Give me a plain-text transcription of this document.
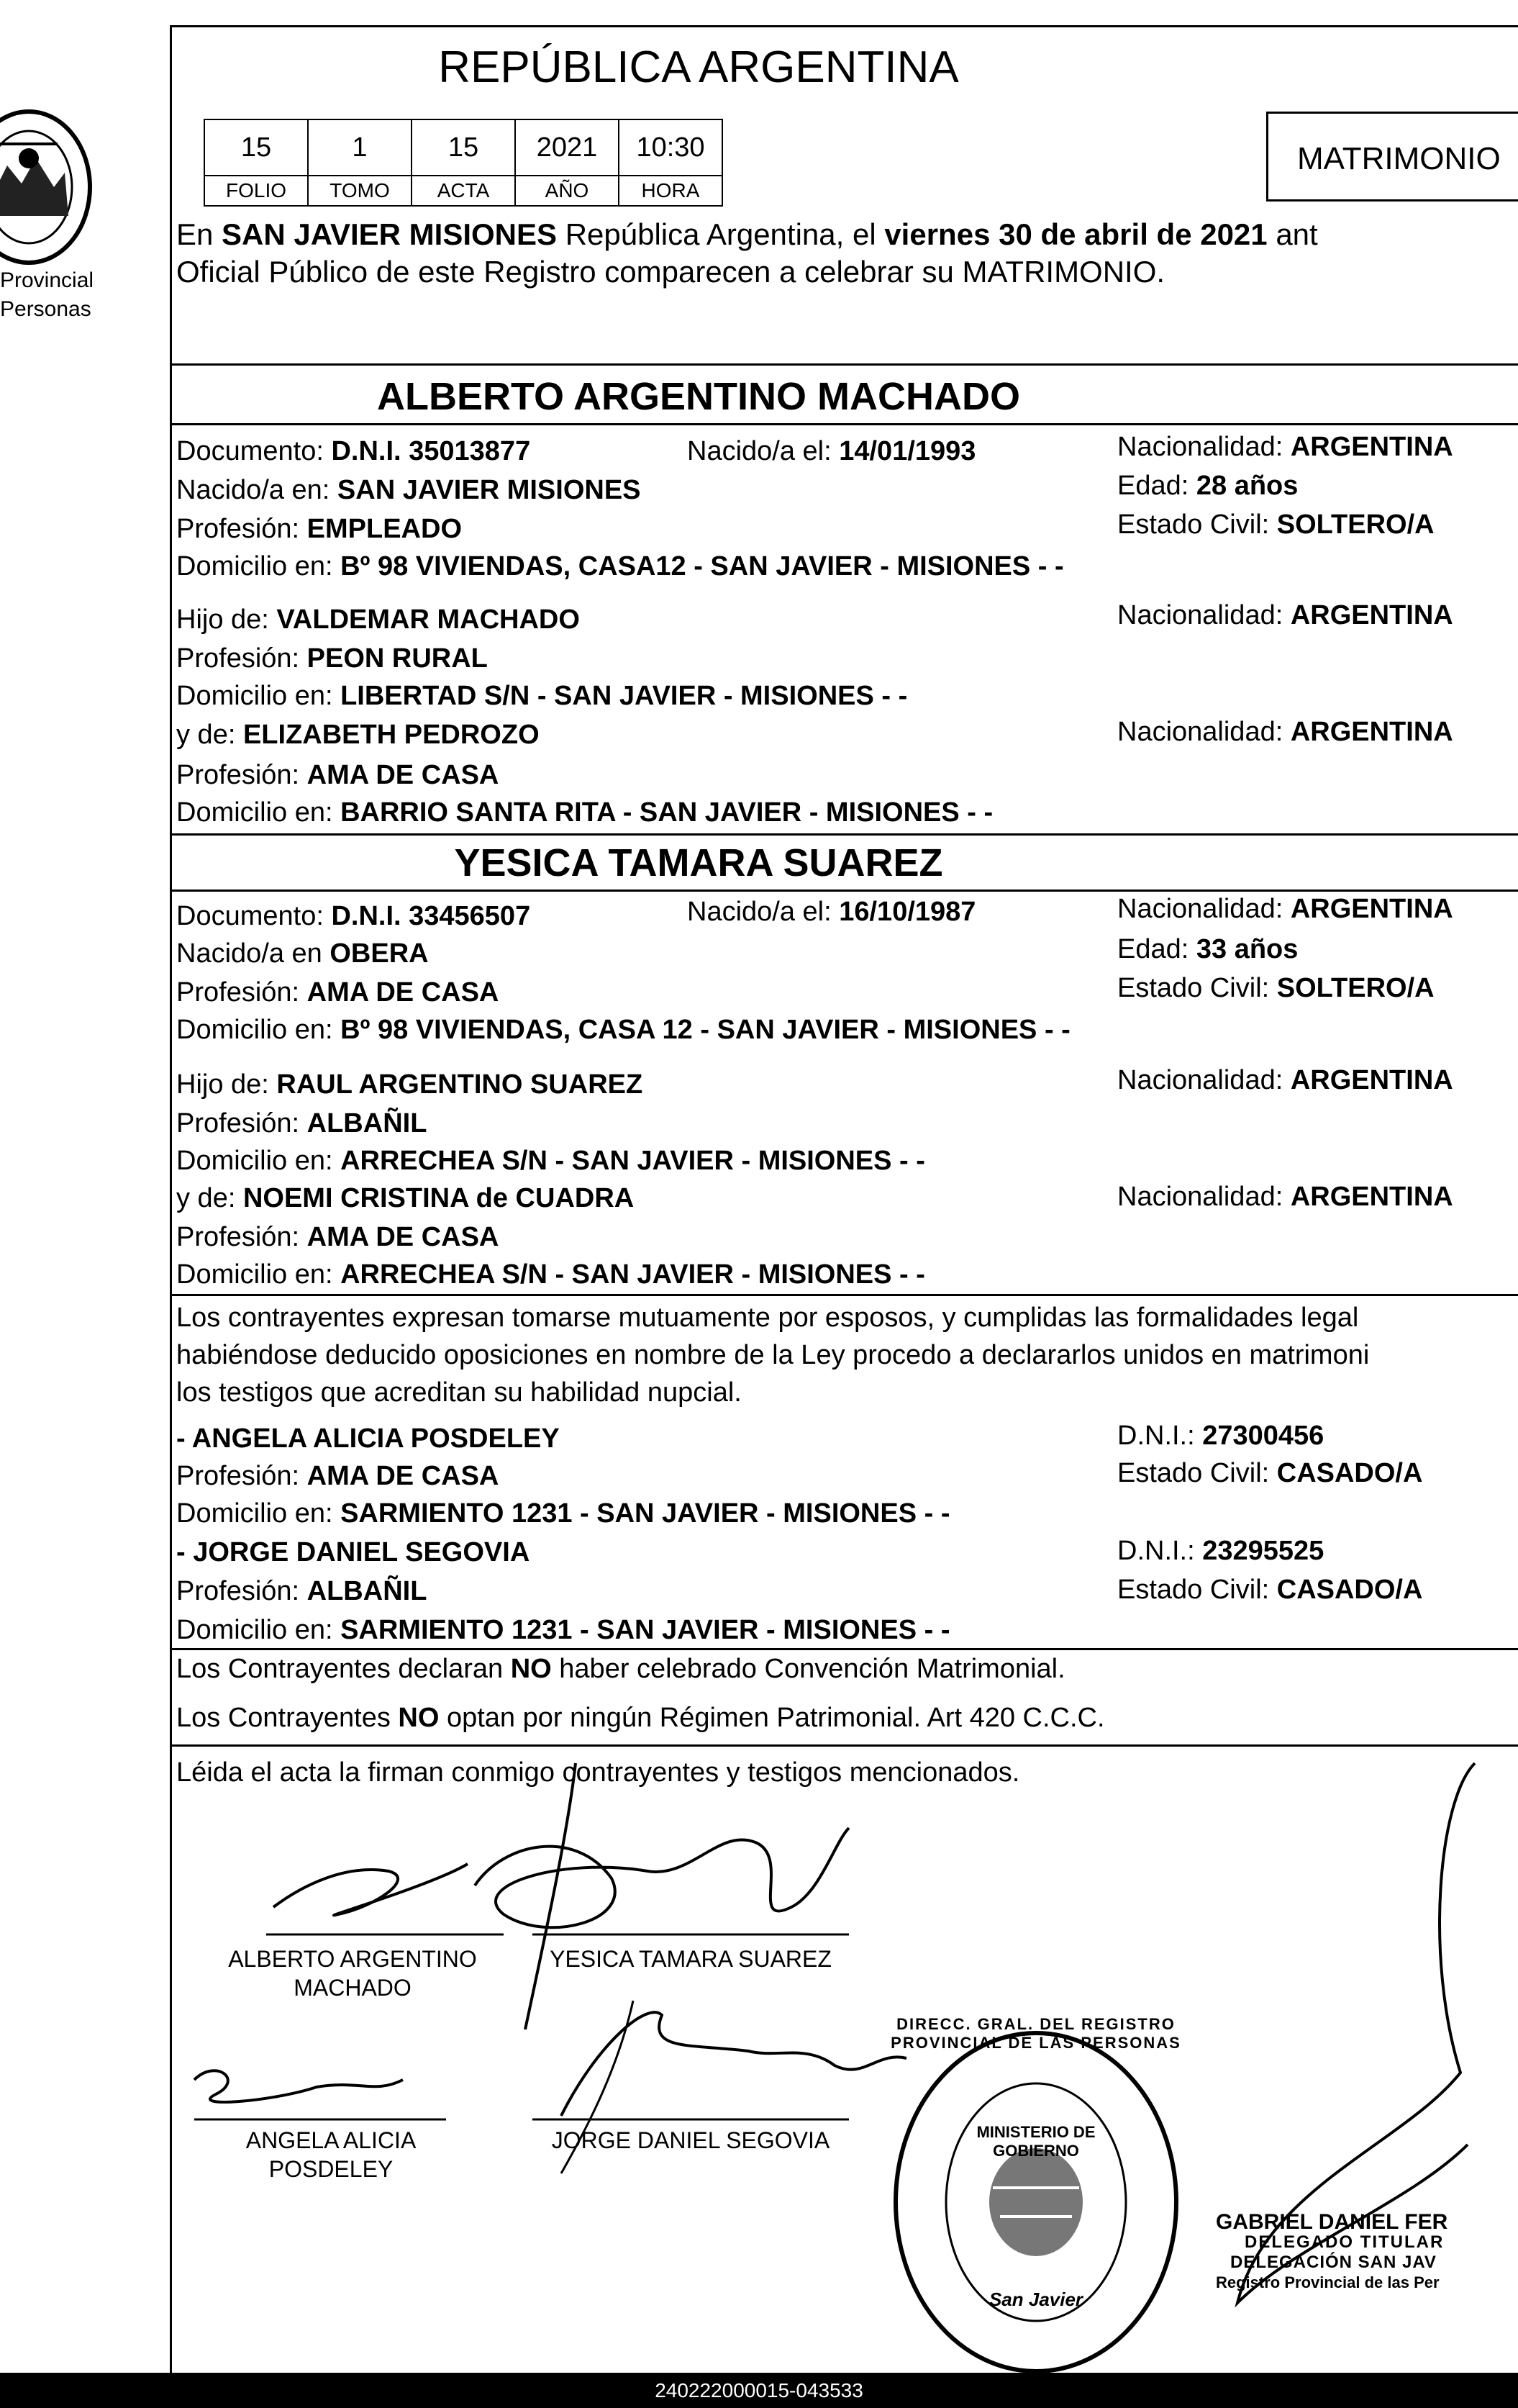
Provincial
Personas
REPÚBLICA ARGENTINA
15	1	15	2021	10:30
FOLIO	TOMO	ACTA	AÑO	HORA
MATRIMONIO
En SAN JAVIER MISIONES República Argentina, el viernes 30 de abril de 2021 ant
Oficial Público de este Registro comparecen a celebrar su MATRIMONIO.
ALBERTO ARGENTINO MACHADO
Documento: D.N.I. 35013877	Nacido/a el: 14/01/1993	Nacionalidad: ARGENTINA
Nacido/a en: SAN JAVIER MISIONES	Edad: 28 años
Profesión: EMPLEADO	Estado Civil: SOLTERO/A
Domicilio en: Bº 98 VIVIENDAS, CASA12 - SAN JAVIER - MISIONES - -
Hijo de: VALDEMAR MACHADO	Nacionalidad: ARGENTINA
Profesión: PEON RURAL
Domicilio en: LIBERTAD S/N - SAN JAVIER - MISIONES - -
y de: ELIZABETH PEDROZO	Nacionalidad: ARGENTINA
Profesión: AMA DE CASA
Domicilio en: BARRIO SANTA RITA - SAN JAVIER - MISIONES - -
YESICA TAMARA SUAREZ
Documento: D.N.I. 33456507	Nacido/a el: 16/10/1987	Nacionalidad: ARGENTINA
Nacido/a en OBERA	Edad: 33 años
Profesión: AMA DE CASA	Estado Civil: SOLTERO/A
Domicilio en: Bº 98 VIVIENDAS, CASA 12 - SAN JAVIER - MISIONES - -
Hijo de: RAUL ARGENTINO SUAREZ	Nacionalidad: ARGENTINA
Profesión: ALBAÑIL
Domicilio en: ARRECHEA S/N - SAN JAVIER - MISIONES - -
y de: NOEMI CRISTINA de CUADRA	Nacionalidad: ARGENTINA
Profesión: AMA DE CASA
Domicilio en: ARRECHEA S/N - SAN JAVIER - MISIONES - -
Los contrayentes expresan tomarse mutuamente por esposos, y cumplidas las formalidades legal
habiéndose deducido oposiciones en nombre de la Ley procedo a declararlos unidos en matrimoni
los testigos que acreditan su habilidad nupcial.
- ANGELA ALICIA POSDELEY	D.N.I.: 27300456
Profesión: AMA DE CASA	Estado Civil: CASADO/A
Domicilio en: SARMIENTO 1231 - SAN JAVIER - MISIONES - -
- JORGE DANIEL SEGOVIA	D.N.I.: 23295525
Profesión: ALBAÑIL	Estado Civil: CASADO/A
Domicilio en: SARMIENTO 1231 - SAN JAVIER - MISIONES - -
Los Contrayentes declaran NO haber celebrado Convención Matrimonial.
Los Contrayentes NO optan por ningún Régimen Patrimonial. Art 420 C.C.C.
Léida el acta la firman conmigo contrayentes y testigos mencionados.
ALBERTO ARGENTINO
MACHADO
YESICA TAMARA SUAREZ
ANGELA ALICIA
POSDELEY
JORGE DANIEL SEGOVIA
DIRECC. GRAL. DEL REGISTRO PROVINCIAL DE LAS PERSONAS
MINISTERIO DE GOBIERNO
San Javier
GABRIEL DANIEL FER
DELEGADO TITULAR
DELEGACIÓN SAN JAV
Registro Provincial de las Per
240222000015-043533
